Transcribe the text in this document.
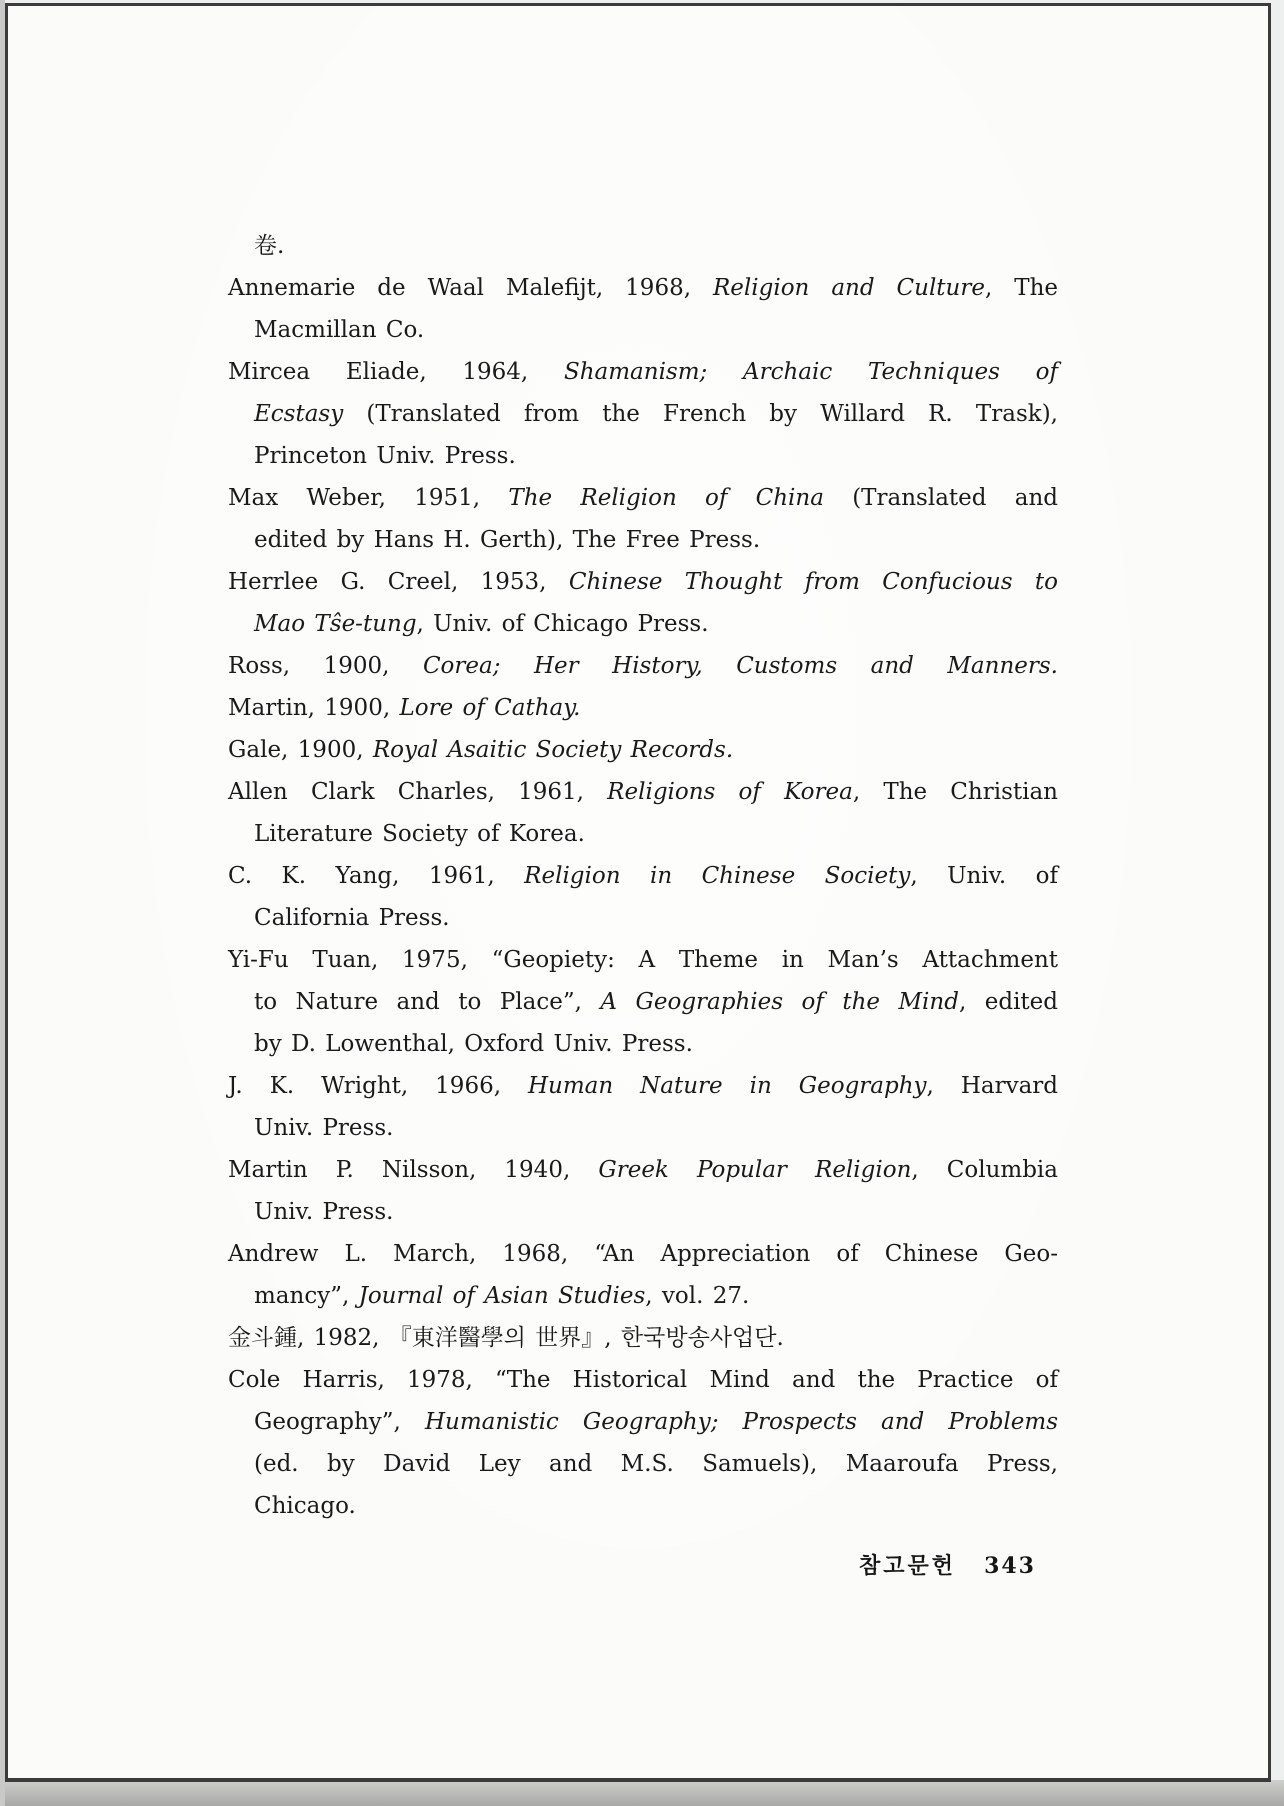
卷.
Annemarie de Waal Malefijt, 1968, Religion and Culture, The
Macmillan Co.
Mircea Eliade, 1964, Shamanism; Archaic Techniques of
Ecstasy (Translated from the French by Willard R. Trask),
Princeton Univ. Press.
Max Weber, 1951, The Religion of China (Translated and
edited by Hans H. Gerth), The Free Press.
Herrlee G. Creel, 1953, Chinese Thought from Confucious to
Mao Tŝe-tung, Univ. of Chicago Press.
Ross, 1900, Corea; Her History, Customs and Manners.
Martin, 1900, Lore of Cathay.
Gale, 1900, Royal Asaitic Society Records.
Allen Clark Charles, 1961, Religions of Korea, The Christian
Literature Society of Korea.
C. K. Yang, 1961, Religion in Chinese Society, Univ. of
California Press.
Yi-Fu Tuan, 1975, “Geopiety: A Theme in Man’s Attachment
to Nature and to Place”, A Geographies of the Mind, edited
by D. Lowenthal, Oxford Univ. Press.
J. K. Wright, 1966, Human Nature in Geography, Harvard
Univ. Press.
Martin P. Nilsson, 1940, Greek Popular Religion, Columbia
Univ. Press.
Andrew L. March, 1968, “An Appreciation of Chinese Geo-
mancy”, Journal of Asian Studies, vol. 27.
金斗鍾, 1982, 『東洋醫學의 世界』, 한국방송사업단.
Cole Harris, 1978, “The Historical Mind and the Practice of
Geography”, Humanistic Geography; Prospects and Problems
(ed. by David Ley and M.S. Samuels), Maaroufa Press,
Chicago.
참고문헌 343
